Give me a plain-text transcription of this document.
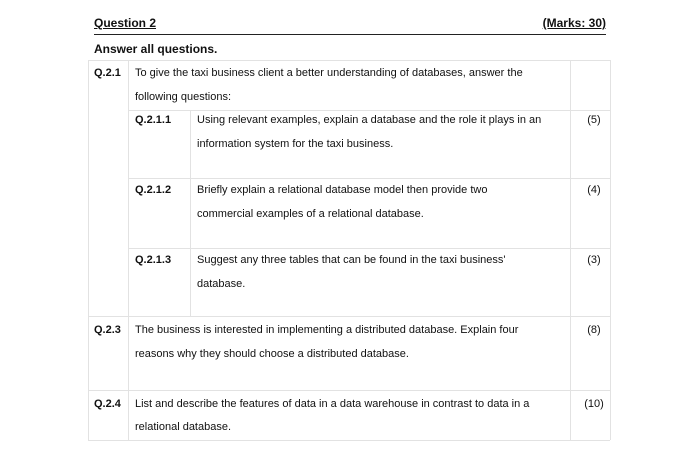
Question 2	(Marks: 30)
Answer all questions.
Q.2.1 To give the taxi business client a better understanding of databases, answer the
following questions:
Q.2.1.1 Using relevant examples, explain a database and the role it plays in an
information system for the taxi business.
(5)
Q.2.1.2 Briefly explain a relational database model then provide two
commercial examples of a relational database.
(4)
Q.2.1.3 Suggest any three tables that can be found in the taxi business'
database.
(3)
Q.2.3 The business is interested in implementing a distributed database. Explain four
reasons why they should choose a distributed database.
(8)
Q.2.4 List and describe the features of data in a data warehouse in contrast to data in a
relational database.
(10)
